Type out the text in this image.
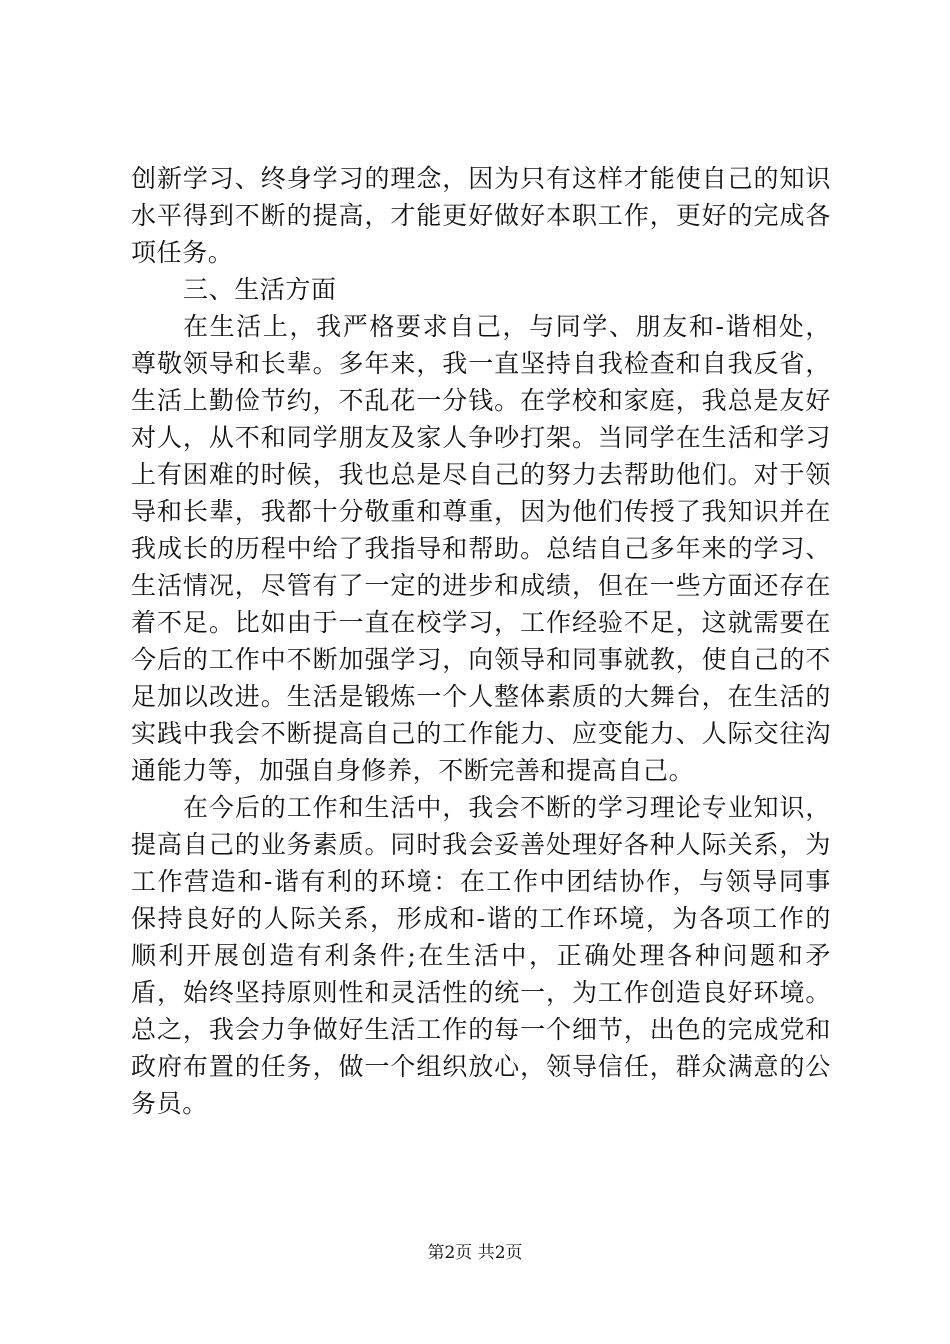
创新学习、终身学习的理念，因为只有这样才能使自己的知识水平得到不断的提高，才能更好做好本职工作，更好的完成各项任务。

三、生活方面

在生活上，我严格要求自己，与同学、朋友和-谐相处，尊敬领导和长辈。多年来，我一直坚持自我检查和自我反省，生活上勤俭节约，不乱花一分钱。在学校和家庭，我总是友好对人，从不和同学朋友及家人争吵打架。当同学在生活和学习上有困难的时候，我也总是尽自己的努力去帮助他们。对于领导和长辈，我都十分敬重和尊重，因为他们传授了我知识并在我成长的历程中给了我指导和帮助。总结自己多年来的学习、生活情况，尽管有了一定的进步和成绩，但在一些方面还存在着不足。比如由于一直在校学习，工作经验不足，这就需要在今后的工作中不断加强学习，向领导和同事就教，使自己的不足加以改进。生活是锻炼一个人整体素质的大舞台，在生活的实践中我会不断提高自己的工作能力、应变能力、人际交往沟通能力等，加强自身修养，不断完善和提高自己。

在今后的工作和生活中，我会不断的学习理论专业知识，提高自己的业务素质。同时我会妥善处理好各种人际关系，为工作营造和-谐有利的环境：在工作中团结协作，与领导同事保持良好的人际关系，形成和-谐的工作环境，为各项工作的顺利开展创造有利条件;在生活中，正确处理各种问题和矛盾，始终坚持原则性和灵活性的统一，为工作创造良好环境。总之，我会力争做好生活工作的每一个细节，出色的完成党和政府布置的任务，做一个组织放心，领导信任，群众满意的公务员。

第2页 共2页
